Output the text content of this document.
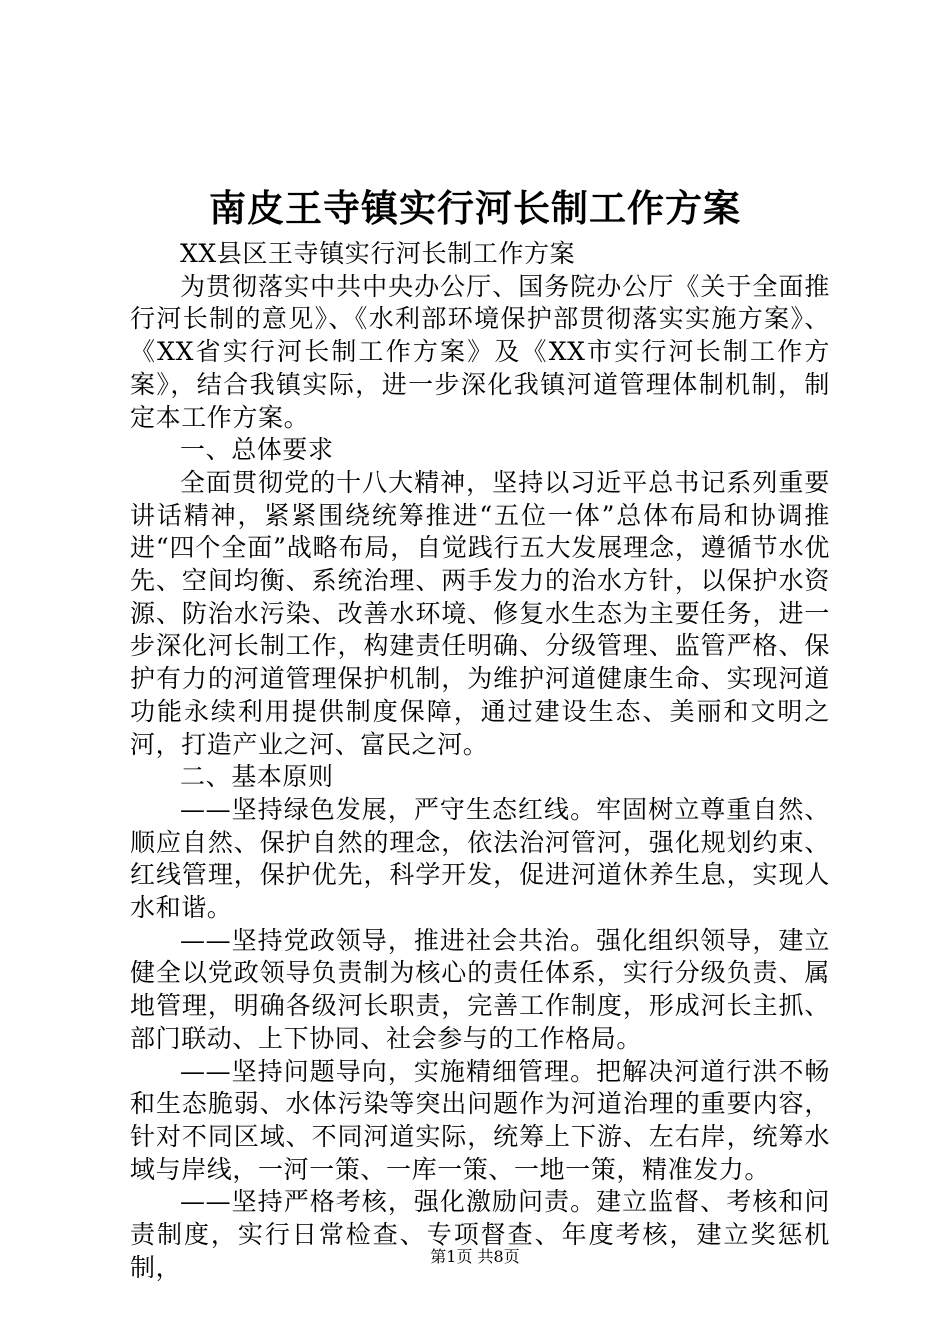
南皮王寺镇实行河长制工作方案

XX县区王寺镇实行河长制工作方案

为贯彻落实中共中央办公厅、国务院办公厅《关于全面推行河长制的意见》、《水利部环境保护部贯彻落实实施方案》、《XX省实行河长制工作方案》及《XX市实行河长制工作方案》，结合我镇实际，进一步深化我镇河道管理体制机制，制定本工作方案。

一、总体要求

全面贯彻党的十八大精神，坚持以习近平总书记系列重要讲话精神，紧紧围绕统筹推进“五位一体”总体布局和协调推进“四个全面”战略布局，自觉践行五大发展理念，遵循节水优先、空间均衡、系统治理、两手发力的治水方针，以保护水资源、防治水污染、改善水环境、修复水生态为主要任务，进一步深化河长制工作，构建责任明确、分级管理、监管严格、保护有力的河道管理保护机制，为维护河道健康生命、实现河道功能永续利用提供制度保障，通过建设生态、美丽和文明之河，打造产业之河、富民之河。

二、基本原则

——坚持绿色发展，严守生态红线。牢固树立尊重自然、顺应自然、保护自然的理念，依法治河管河，强化规划约束、红线管理，保护优先，科学开发，促进河道休养生息，实现人水和谐。

——坚持党政领导，推进社会共治。强化组织领导，建立健全以党政领导负责制为核心的责任体系，实行分级负责、属地管理，明确各级河长职责，完善工作制度，形成河长主抓、部门联动、上下协同、社会参与的工作格局。

——坚持问题导向，实施精细管理。把解决河道行洪不畅和生态脆弱、水体污染等突出问题作为河道治理的重要内容，针对不同区域、不同河道实际，统筹上下游、左右岸，统筹水域与岸线，一河一策、一库一策、一地一策，精准发力。

——坚持严格考核，强化激励问责。建立监督、考核和问责制度，实行日常检查、专项督查、年度考核，建立奖惩机制，	第1页 共8页
